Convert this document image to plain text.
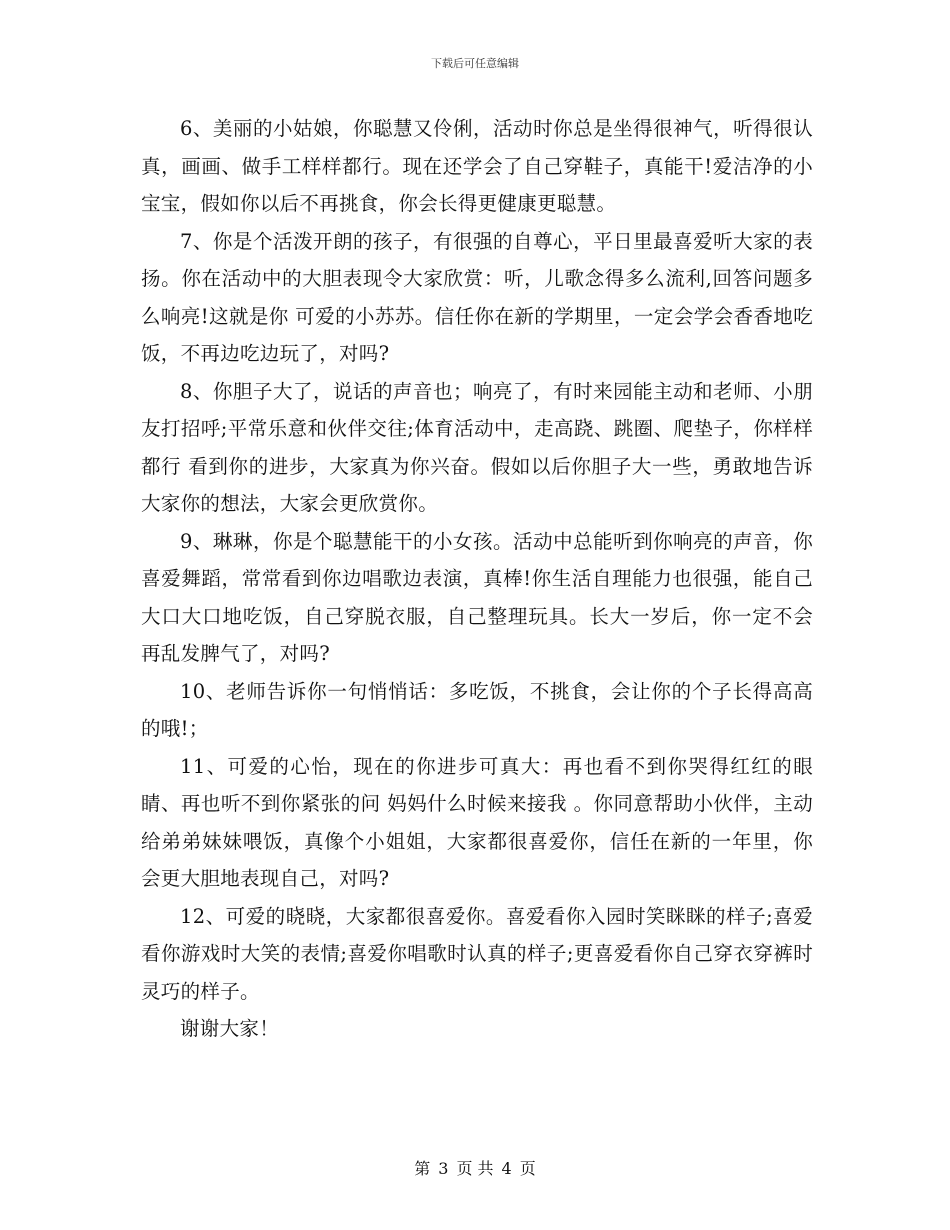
下载后可任意编辑

6、美丽的小姑娘，你聪慧又伶俐，活动时你总是坐得很神气，听得很认真，画画、做手工样样都行。现在还学会了自己穿鞋子，真能干!爱洁净的小宝宝，假如你以后不再挑食，你会长得更健康更聪慧。

7、你是个活泼开朗的孩子，有很强的自尊心，平日里最喜爱听大家的表扬。你在活动中的大胆表现令大家欣赏：听，儿歌念得多么流利,回答问题多么响亮!这就是你 可爱的小苏苏。信任你在新的学期里，一定会学会香香地吃饭，不再边吃边玩了，对吗?

8、你胆子大了，说话的声音也；响亮了，有时来园能主动和老师、小朋友打招呼;平常乐意和伙伴交往;体育活动中，走高跷、跳圈、爬垫子，你样样都行 看到你的进步，大家真为你兴奋。假如以后你胆子大一些，勇敢地告诉大家你的想法，大家会更欣赏你。

9、琳琳，你是个聪慧能干的小女孩。活动中总能听到你响亮的声音，你喜爱舞蹈，常常看到你边唱歌边表演，真棒!你生活自理能力也很强，能自己大口大口地吃饭，自己穿脱衣服，自己整理玩具。长大一岁后，你一定不会再乱发脾气了，对吗?

10、老师告诉你一句悄悄话：多吃饭，不挑食，会让你的个子长得高高的哦!；

11、可爱的心怡，现在的你进步可真大：再也看不到你哭得红红的眼睛、再也听不到你紧张的问 妈妈什么时候来接我 。你同意帮助小伙伴，主动给弟弟妹妹喂饭，真像个小姐姐，大家都很喜爱你，信任在新的一年里，你会更大胆地表现自己，对吗?

12、可爱的晓晓，大家都很喜爱你。喜爱看你入园时笑眯眯的样子;喜爱看你游戏时大笑的表情;喜爱你唱歌时认真的样子;更喜爱看你自己穿衣穿裤时灵巧的样子。

谢谢大家！

第 3 页 共 4 页
